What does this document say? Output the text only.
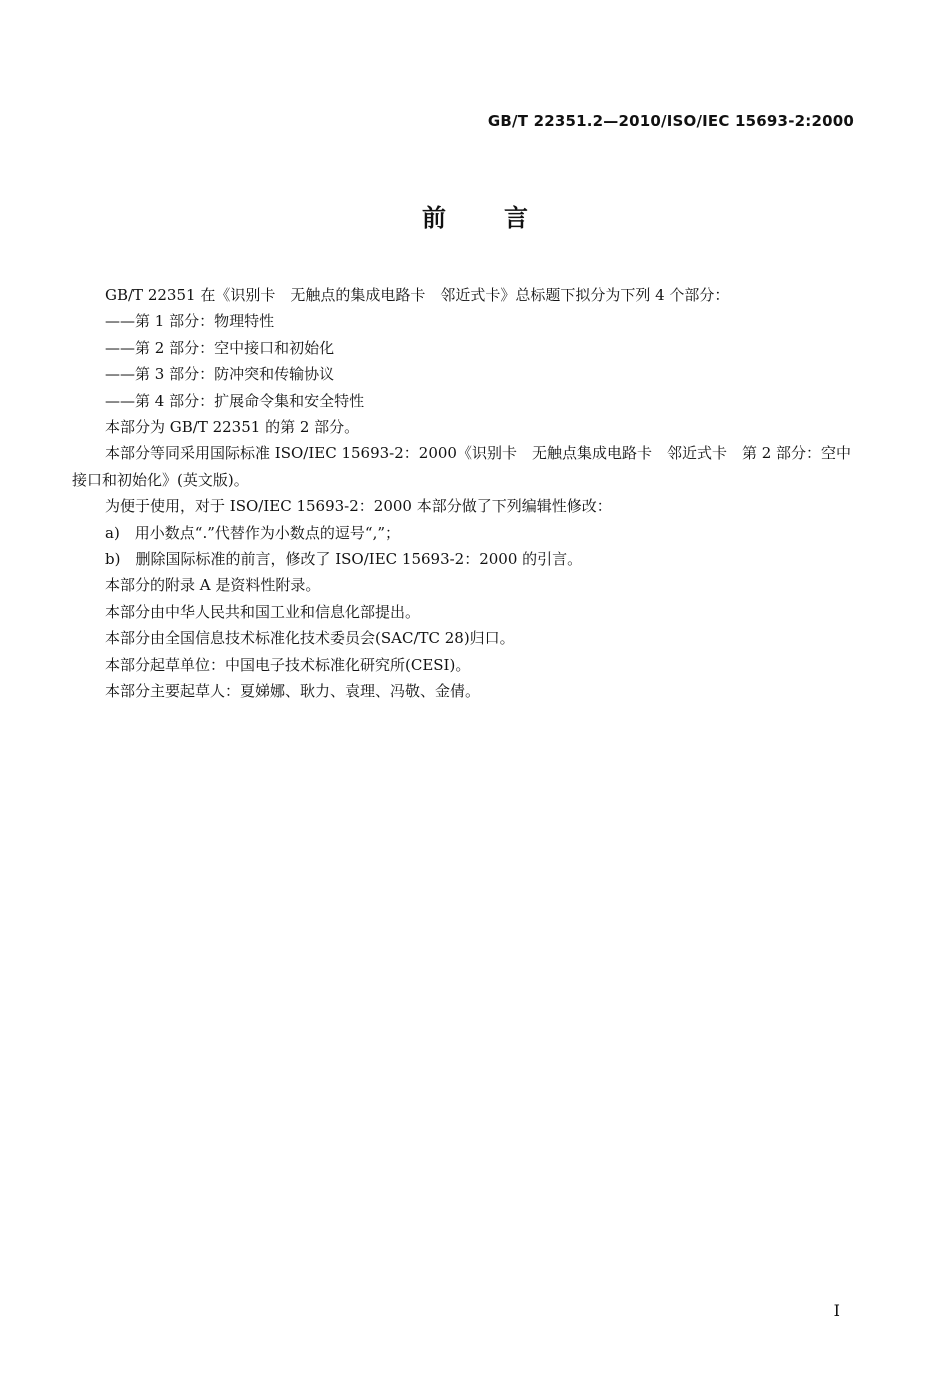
GB/T 22351.2—2010/ISO/IEC 15693-2:2000
前言

GB/T 22351 在《识别卡　无触点的集成电路卡　邻近式卡》总标题下拟分为下列 4 个部分：

——第 1 部分：物理特性

——第 2 部分：空中接口和初始化

——第 3 部分：防冲突和传输协议

——第 4 部分：扩展命令集和安全特性

本部分为 GB/T 22351 的第 2 部分。

本部分等同采用国际标准 ISO/IEC 15693-2：2000《识别卡　无触点集成电路卡　邻近式卡　第 2 部分：空中接口和初始化》(英文版)。

为便于使用，对于 ISO/IEC 15693-2：2000 本部分做了下列编辑性修改：

a)　用小数点“.”代替作为小数点的逗号“,”；

b)　删除国际标准的前言，修改了 ISO/IEC 15693-2：2000 的引言。

本部分的附录 A 是资料性附录。

本部分由中华人民共和国工业和信息化部提出。

本部分由全国信息技术标准化技术委员会(SAC/TC 28)归口。

本部分起草单位：中国电子技术标准化研究所(CESI)。

本部分主要起草人：夏娣娜、耿力、袁理、冯敬、金倩。

I
